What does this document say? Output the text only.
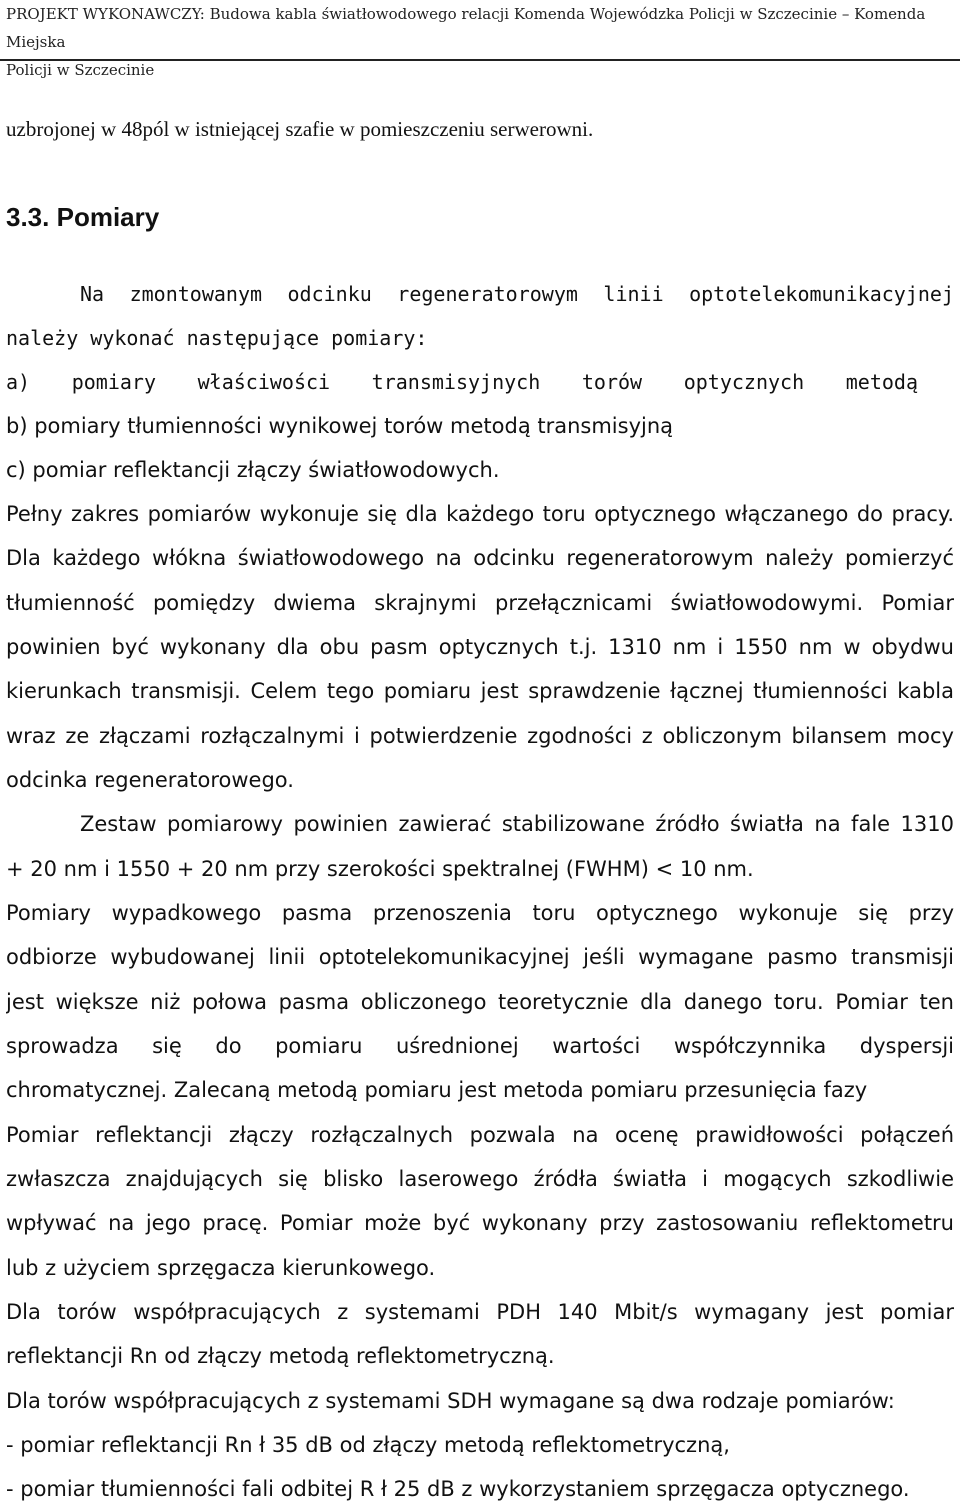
PROJEKT WYKONAWCZY: Budowa kabla światłowodowego relacji Komenda Wojewódzka Policji w Szczecinie – Komenda Miejska
Policji w Szczecinie
uzbrojonej w 48pól w istniejącej szafie w pomieszczeniu serwerowni.
3.3. Pomiary
Na zmontowanym odcinku regeneratorowym linii optotelekomunikacyjnej
należy wykonać następujące pomiary:
a) pomiary właściwości transmisyjnych torów optycznych metodą
b) pomiary tłumienności wynikowej torów metodą transmisyjną
c) pomiar reflektancji złączy światłowodowych.
Pełny zakres pomiarów wykonuje się dla każdego toru optycznego włączanego do pracy.
Dla każdego włókna światłowodowego na odcinku regeneratorowym należy pomierzyć
tłumienność pomiędzy dwiema skrajnymi przełącznicami światłowodowymi. Pomiar
powinien być wykonany dla obu pasm optycznych t.j. 1310 nm i 1550 nm w obydwu
kierunkach transmisji. Celem tego pomiaru jest sprawdzenie łącznej tłumienności kabla
wraz ze złączami rozłączalnymi i potwierdzenie zgodności z obliczonym bilansem mocy
odcinka regeneratorowego.
Zestaw pomiarowy powinien zawierać stabilizowane źródło światła na fale 1310
+ 20 nm i 1550 + 20 nm przy szerokości spektralnej (FWHM) < 10 nm.
Pomiary wypadkowego pasma przenoszenia toru optycznego wykonuje się przy
odbiorze wybudowanej linii optotelekomunikacyjnej jeśli wymagane pasmo transmisji
jest większe niż połowa pasma obliczonego teoretycznie dla danego toru. Pomiar ten
sprowadza się do pomiaru uśrednionej wartości współczynnika dyspersji
chromatycznej. Zalecaną metodą pomiaru jest metoda pomiaru przesunięcia fazy
Pomiar reflektancji złączy rozłączalnych pozwala na ocenę prawidłowości połączeń
zwłaszcza znajdujących się blisko laserowego źródła światła i mogących szkodliwie
wpływać na jego pracę. Pomiar może być wykonany przy zastosowaniu reflektometru
lub z użyciem sprzęgacza kierunkowego.
Dla torów współpracujących z systemami PDH 140 Mbit/s wymagany jest pomiar
reflektancji Rn od złączy metodą reflektometryczną.
Dla torów współpracujących z systemami SDH wymagane są dwa rodzaje pomiarów:
- pomiar reflektancji Rn ł 35 dB od złączy metodą reflektometryczną,
- pomiar tłumienności fali odbitej R ł 25 dB z wykorzystaniem sprzęgacza optycznego.
